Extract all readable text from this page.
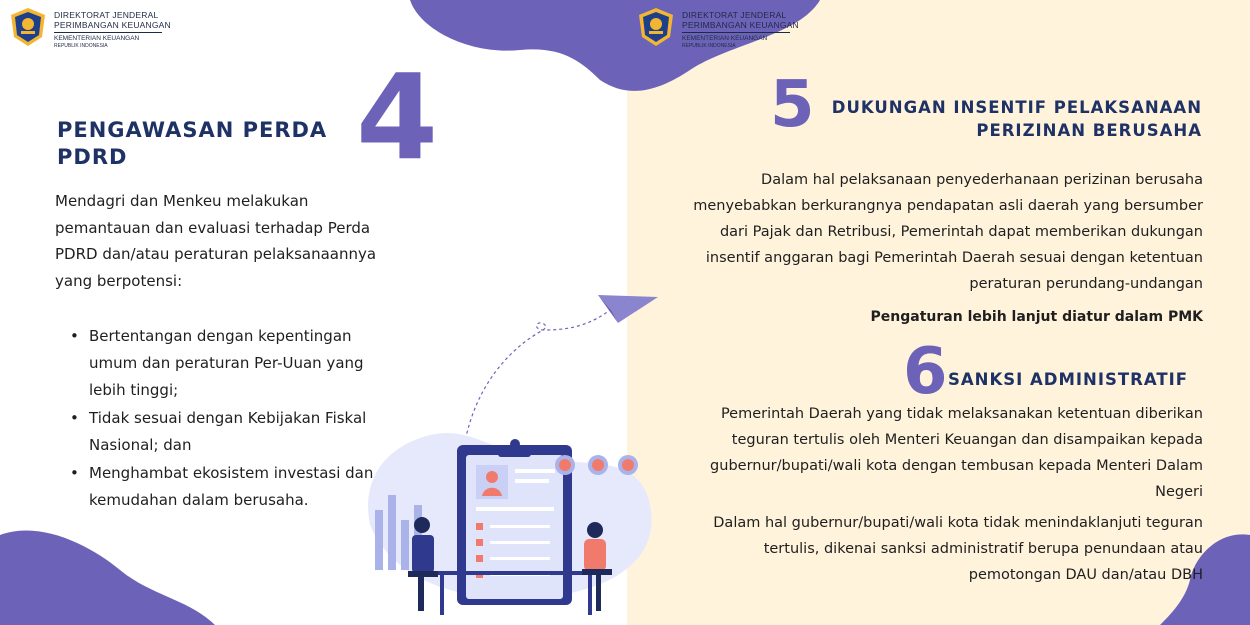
DIREKTORAT JENDERAL
PERIMBANGAN KEUANGAN
KEMENTERIAN KEUANGAN
REPUBLIK INDONESIA
DIREKTORAT JENDERAL
PERIMBANGAN KEUANGAN
KEMENTERIAN KEUANGAN
REPUBLIK INDONESIA
4
PENGAWASAN PERDA
PDRD
Mendagri dan Menkeu melakukan
pemantauan dan evaluasi terhadap Perda
PDRD dan/atau peraturan pelaksanaannya
yang berpotensi:
• Bertentangan dengan kepentingan
umum dan peraturan Per-Uuan yang
lebih tinggi;
• Tidak sesuai dengan Kebijakan Fiskal
Nasional; dan
• Menghambat ekosistem investasi dan
kemudahan dalam berusaha.
5	DUKUNGAN INSENTIF PELAKSANAAN
PERIZINAN BERUSAHA
Dalam hal pelaksanaan penyederhanaan perizinan berusaha
menyebabkan berkurangnya pendapatan asli daerah yang bersumber
dari Pajak dan Retribusi, Pemerintah dapat memberikan dukungan
insentif anggaran bagi Pemerintah Daerah sesuai dengan ketentuan
peraturan perundang-undangan
Pengaturan lebih lanjut diatur dalam PMK
6 SANKSI ADMINISTRATIF
Pemerintah Daerah yang tidak melaksanakan ketentuan diberikan
teguran tertulis oleh Menteri Keuangan dan disampaikan kepada
gubernur/bupati/wali kota dengan tembusan kepada Menteri Dalam
Negeri
Dalam hal gubernur/bupati/wali kota tidak menindaklanjuti teguran
tertulis, dikenai sanksi administratif berupa penundaan atau
pemotongan DAU dan/atau DBH
